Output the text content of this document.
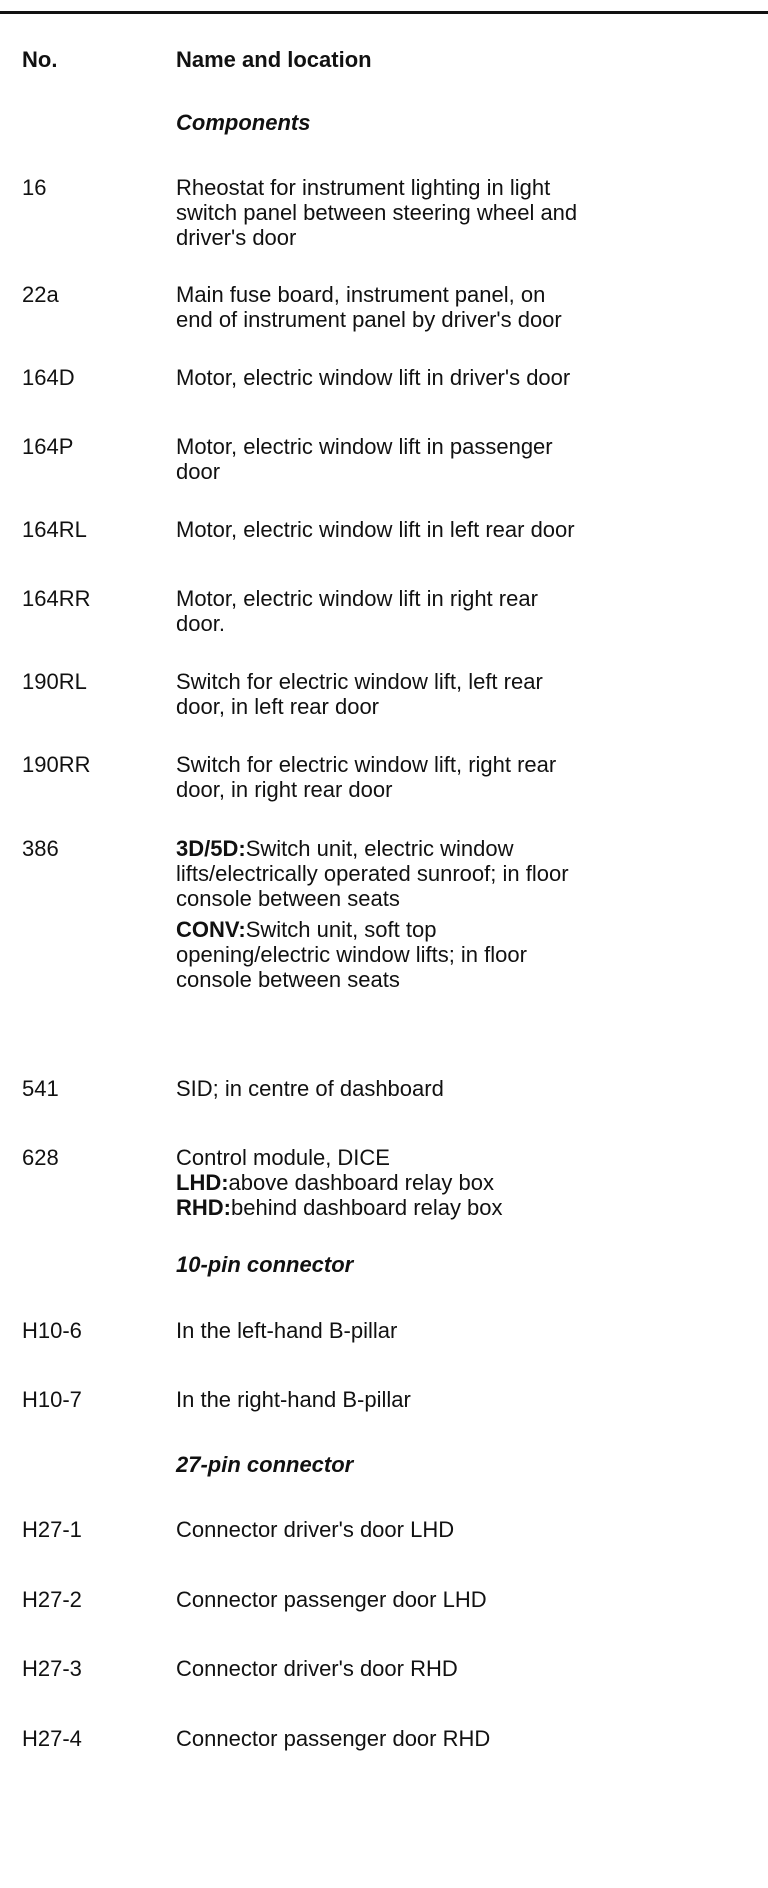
No.	Name and location
Components
16	Rheostat for instrument lighting in light
switch panel between steering wheel and
driver's door
22a	Main fuse board, instrument panel, on
end of instrument panel by driver's door
164D	Motor, electric window lift in driver's door
164P	Motor, electric window lift in passenger
door
164RL	Motor, electric window lift in left rear door
164RR	Motor, electric window lift in right rear
door.
190RL	Switch for electric window lift, left rear
door, in left rear door
190RR	Switch for electric window lift, right rear
door, in right rear door
386	3D/5D:Switch unit, electric window
lifts/electrically operated sunroof; in floor
console between seats
CONV:Switch unit, soft top
opening/electric window lifts; in floor
console between seats
541	SID; in centre of dashboard
628	Control module, DICE
LHD:above dashboard relay box
RHD:behind dashboard relay box
10-pin connector
H10-6	In the left-hand B-pillar
H10-7	In the right-hand B-pillar
27-pin connector
H27-1	Connector driver's door LHD
H27-2	Connector passenger door LHD
H27-3	Connector driver's door RHD
H27-4	Connector passenger door RHD
